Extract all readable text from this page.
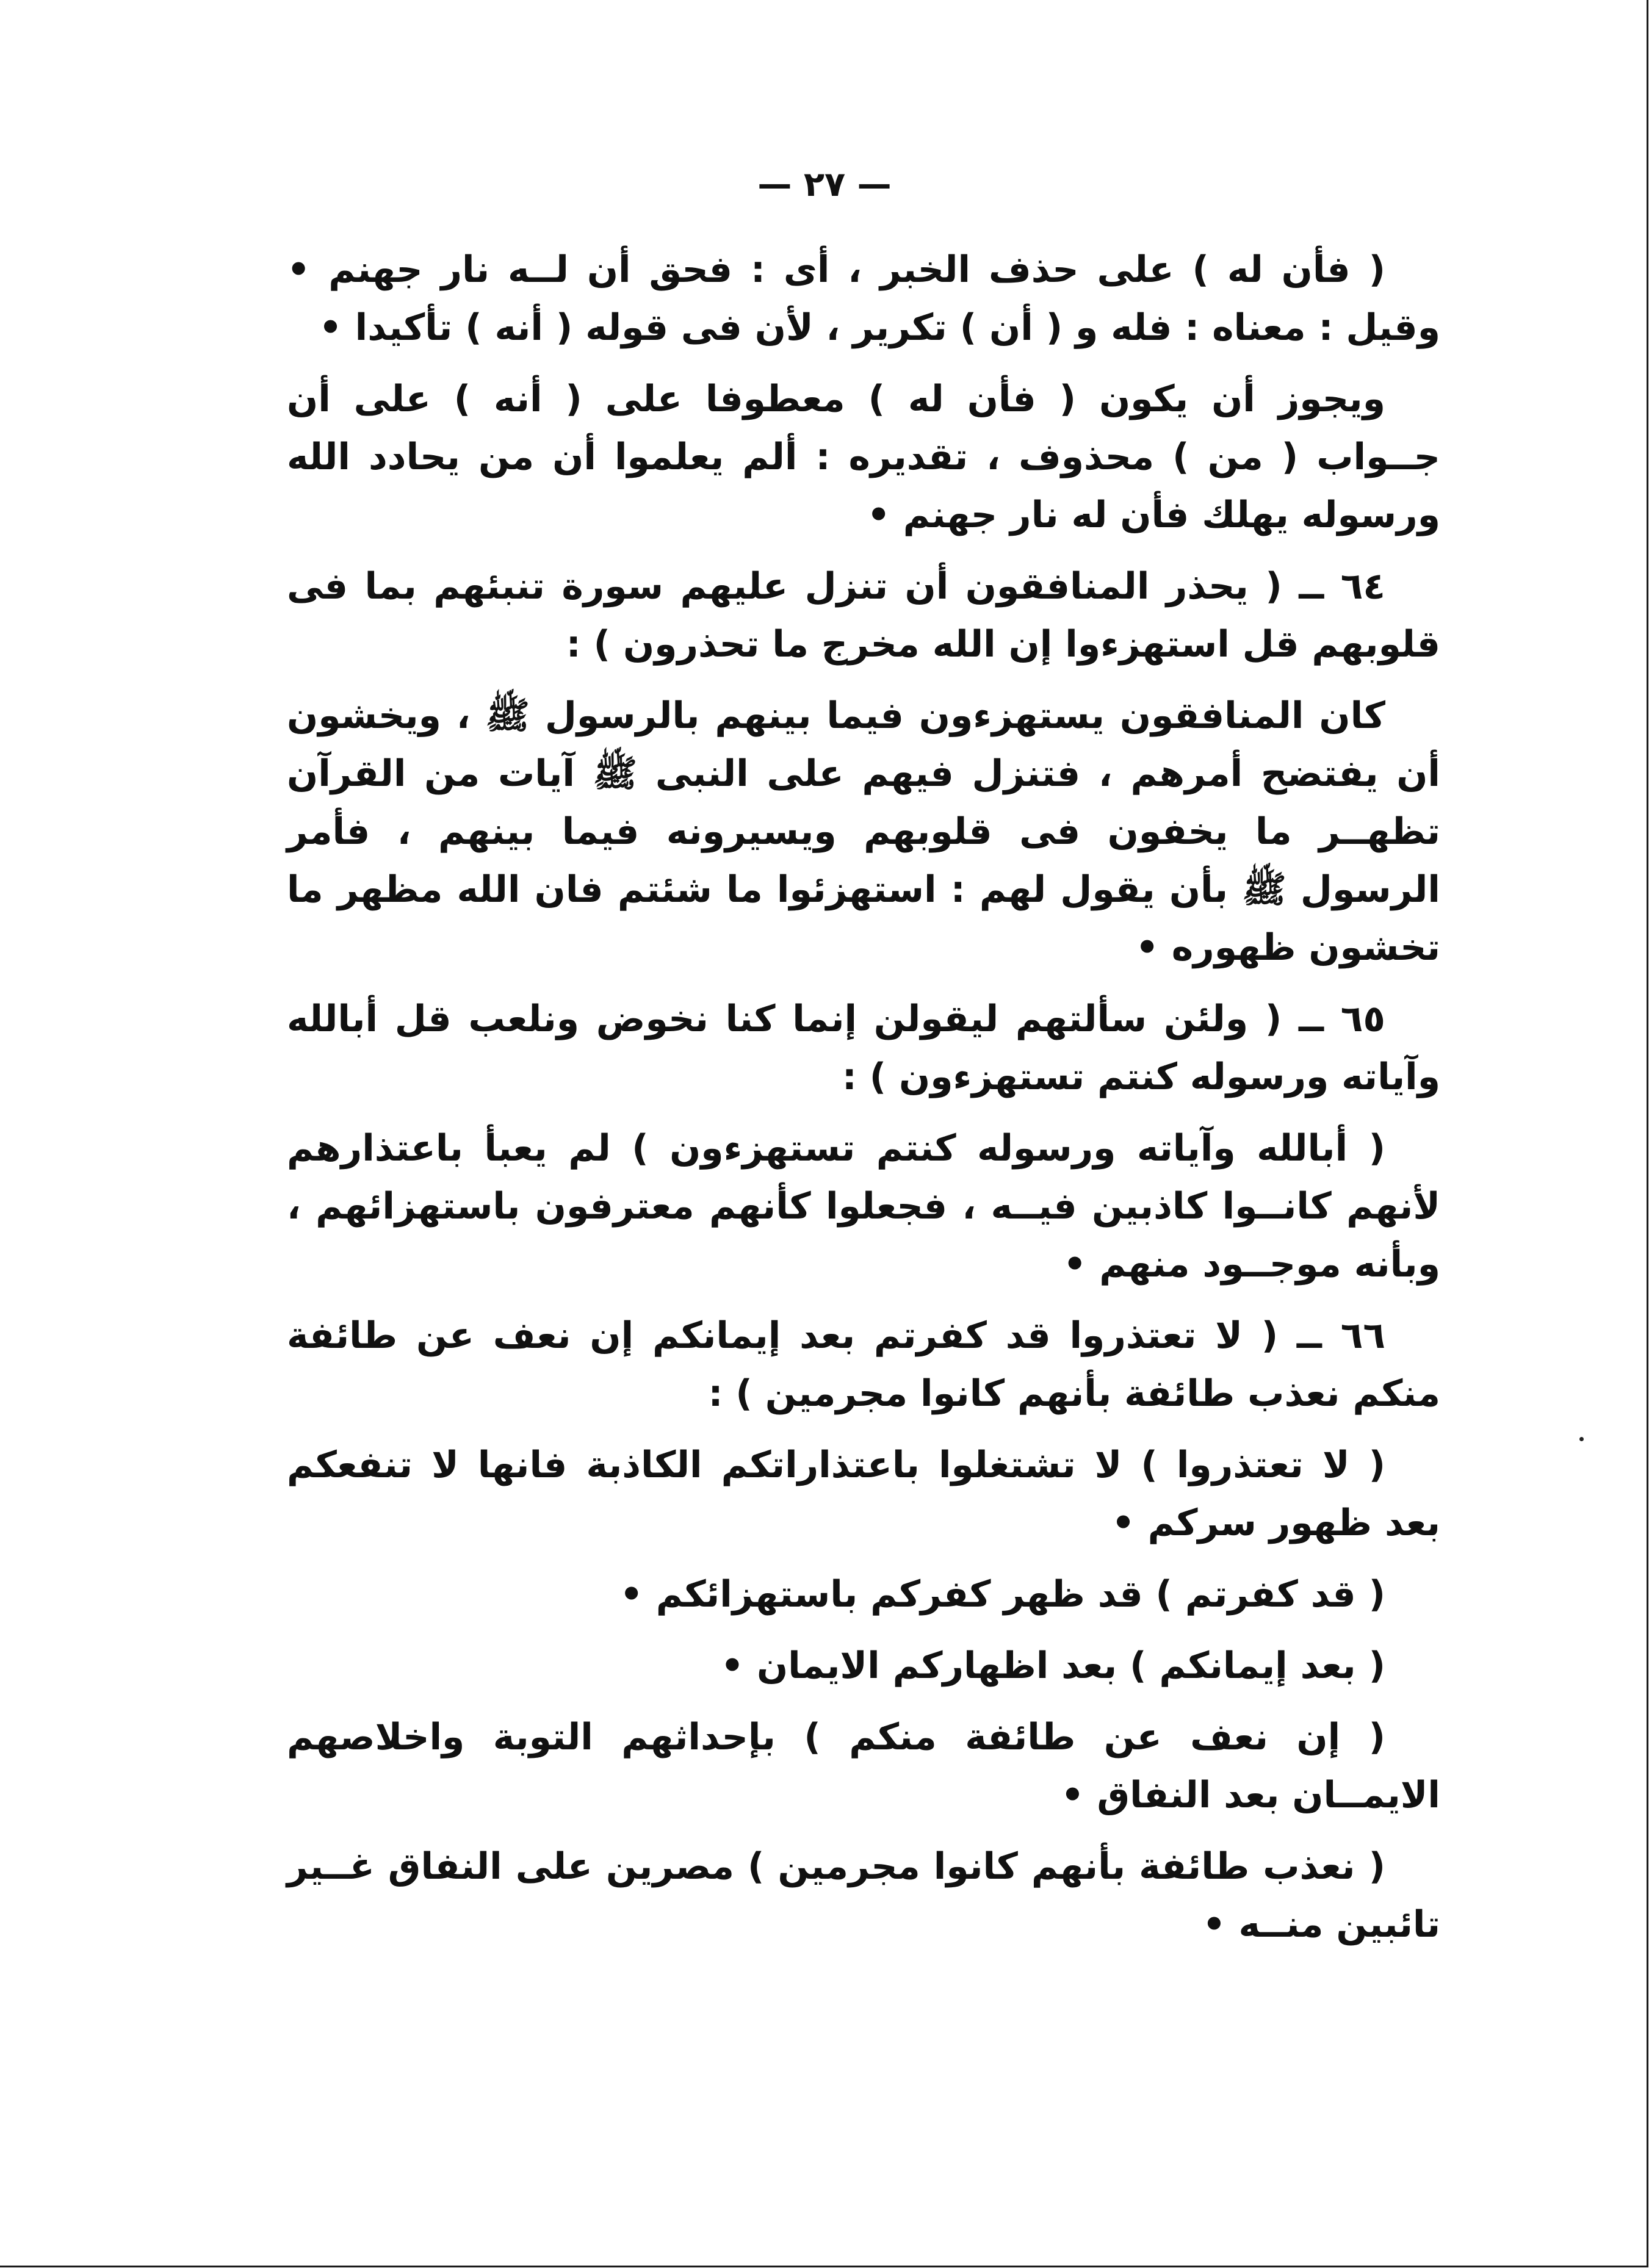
— ٢٧ —

( فأن له ) على حذف الخبر ، أى : فحق أن لــه نار جهنم • وقيل : معناه : فله و ( أن ) تكرير ، لأن فى قوله ( أنه ) تأكيدا •

ويجوز أن يكون ( فأن له ) معطوفا على ( أنه ) على أن جــواب ( من ) محذوف ، تقديره : ألم يعلموا أن من يحادد الله ورسوله يهلك فأن له نار جهنم •

٦٤ ــ ( يحذر المنافقون أن تنزل عليهم سورة تنبئهم بما فى قلوبهم قل استهزءوا إن الله مخرج ما تحذرون ) :

كان المنافقون يستهزءون فيما بينهم بالرسول ﷺ ، ويخشون أن يفتضح أمرهم ، فتنزل فيهم على النبى ﷺ آيات من القرآن تظهــر ما يخفون فى قلوبهم ويسيرونه فيما بينهم ، فأمر الرسول ﷺ بأن يقول لهم : استهزئوا ما شئتم فان الله مظهر ما تخشون ظهوره •

٦٥ ــ ( ولئن سألتهم ليقولن إنما كنا نخوض ونلعب قل أبالله وآياته ورسوله كنتم تستهزءون ) :

( أبالله وآياته ورسوله كنتم تستهزءون ) لم يعبأ باعتذارهم لأنهم كانــوا كاذبين فيــه ، فجعلوا كأنهم معترفون باستهزائهم ، وبأنه موجــود منهم •

٦٦ ــ ( لا تعتذروا قد كفرتم بعد إيمانكم إن نعف عن طائفة منكم نعذب طائفة بأنهم كانوا مجرمين ) :

( لا تعتذروا ) لا تشتغلوا باعتذاراتكم الكاذبة فانها لا تنفعكم بعد ظهور سركم •

( قد كفرتم ) قد ظهر كفركم باستهزائكم •

( بعد إيمانكم ) بعد اظهاركم الايمان •

( إن نعف عن طائفة منكم ) بإحداثهم التوبة واخلاصهم الايمــان بعد النفاق •

( نعذب طائفة بأنهم كانوا مجرمين ) مصرين على النفاق غــير تائبين منــه •
